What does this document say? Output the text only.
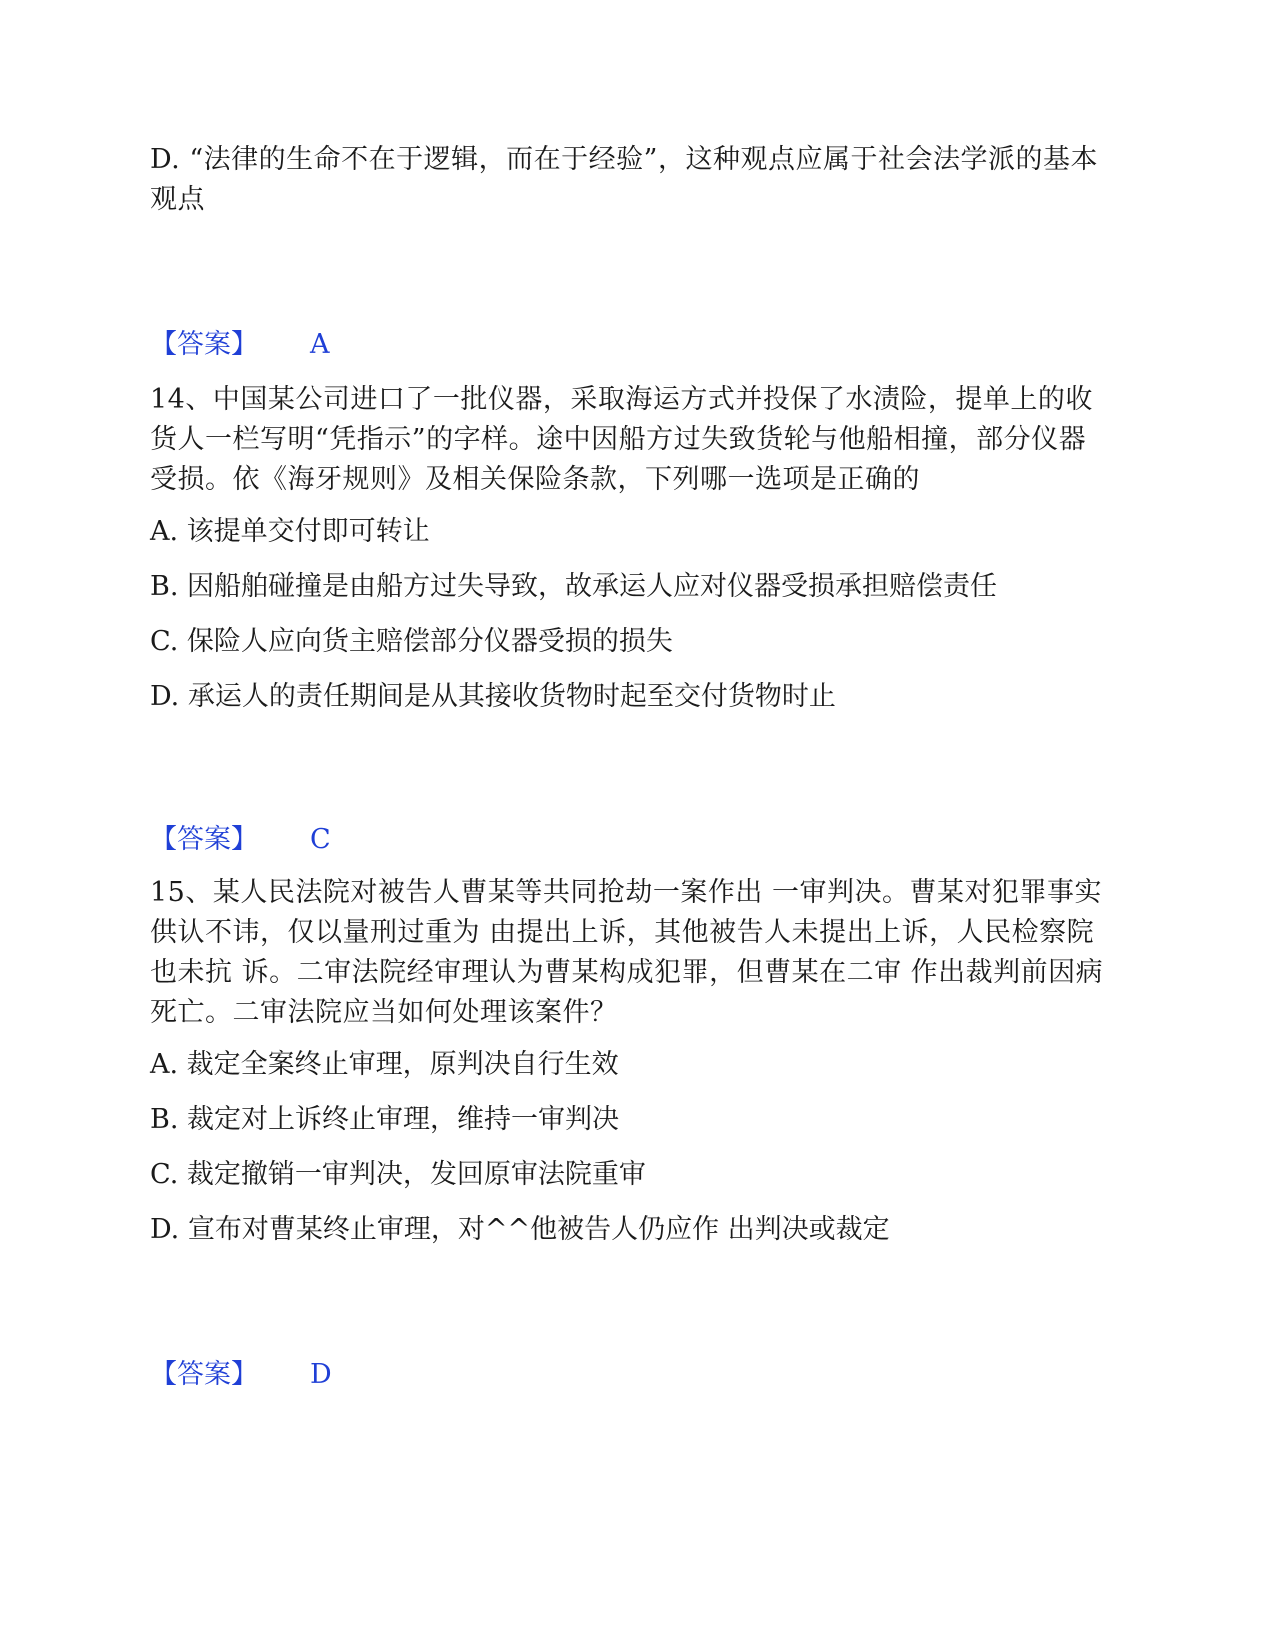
D. “法律的生命不在于逻辑，而在于经验”，这种观点应属于社会法学派的基本观点
【答案】 A
14、中国某公司进口了一批仪器，采取海运方式并投保了水渍险，提单上的收货人一栏写明“凭指示”的字样。途中因船方过失致货轮与他船相撞，部分仪器受损。依《海牙规则》及相关保险条款，下列哪一选项是正确的
A. 该提单交付即可转让
B. 因船舶碰撞是由船方过失导致，故承运人应对仪器受损承担赔偿责任
C. 保险人应向货主赔偿部分仪器受损的损失
D. 承运人的责任期间是从其接收货物时起至交付货物时止
【答案】 C
15、某人民法院对被告人曹某等共同抢劫一案作出 一审判决。曹某对犯罪事实供认不讳，仅以量刑过重为 由提出上诉，其他被告人未提出上诉，人民检察院也未抗 诉。二审法院经审理认为曹某构成犯罪，但曹某在二审 作出裁判前因病死亡。二审法院应当如何处理该案件？
A. 裁定全案终止审理，原判决自行生效
B. 裁定对上诉终止审理，维持一审判决
C. 裁定撤销一审判决，发回原审法院重审
D. 宣布对曹某终止审理，对^^他被告人仍应作 出判决或裁定
【答案】 D
